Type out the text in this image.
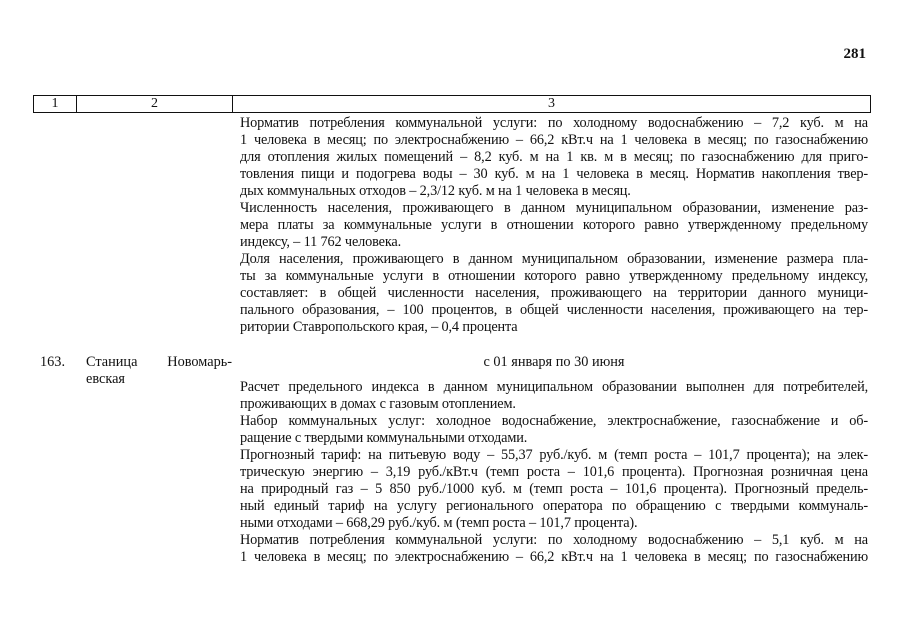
281
1	2	3
Норматив потребления коммунальной услуги: по холодному водоснабжению – 7,2 куб. м на
1 человека в месяц; по электроснабжению – 66,2 кВт.ч на 1 человека в месяц; по газоснабжению
для отопления жилых помещений – 8,2 куб. м на 1 кв. м в месяц; по газоснабжению для приго-
товления пищи и подогрева воды – 30 куб. м на 1 человека в месяц. Норматив накопления твер-
дых коммунальных отходов – 2,3/12 куб. м на 1 человека в месяц.
Численность населения, проживающего в данном муниципальном образовании, изменение раз-
мера платы за коммунальные услуги в отношении которого равно утвержденному предельному
индексу, – 11 762 человека.
Доля населения, проживающего в данном муниципальном образовании, изменение размера пла-
ты за коммунальные услуги в отношении которого равно утвержденному предельному индексу,
составляет: в общей численности населения, проживающего на территории данного муници-
пального образования, – 100 процентов, в общей численности населения, проживающего на тер-
ритории Ставропольского края, – 0,4 процента
163. Станица Новомарь-
евская
с 01 января по 30 июня
Расчет предельного индекса в данном муниципальном образовании выполнен для потребителей,
проживающих в домах с газовым отоплением.
Набор коммунальных услуг: холодное водоснабжение, электроснабжение, газоснабжение и об-
ращение с твердыми коммунальными отходами.
Прогнозный тариф: на питьевую воду – 55,37 руб./куб. м (темп роста – 101,7 процента); на элек-
трическую энергию – 3,19 руб./кВт.ч (темп роста – 101,6 процента). Прогнозная розничная цена
на природный газ – 5 850 руб./1000 куб. м (темп роста – 101,6 процента). Прогнозный предель-
ный единый тариф на услугу регионального оператора по обращению с твердыми коммуналь-
ными отходами – 668,29 руб./куб. м (темп роста – 101,7 процента).
Норматив потребления коммунальной услуги: по холодному водоснабжению – 5,1 куб. м на
1 человека в месяц; по электроснабжению – 66,2 кВт.ч на 1 человека в месяц; по газоснабжению
